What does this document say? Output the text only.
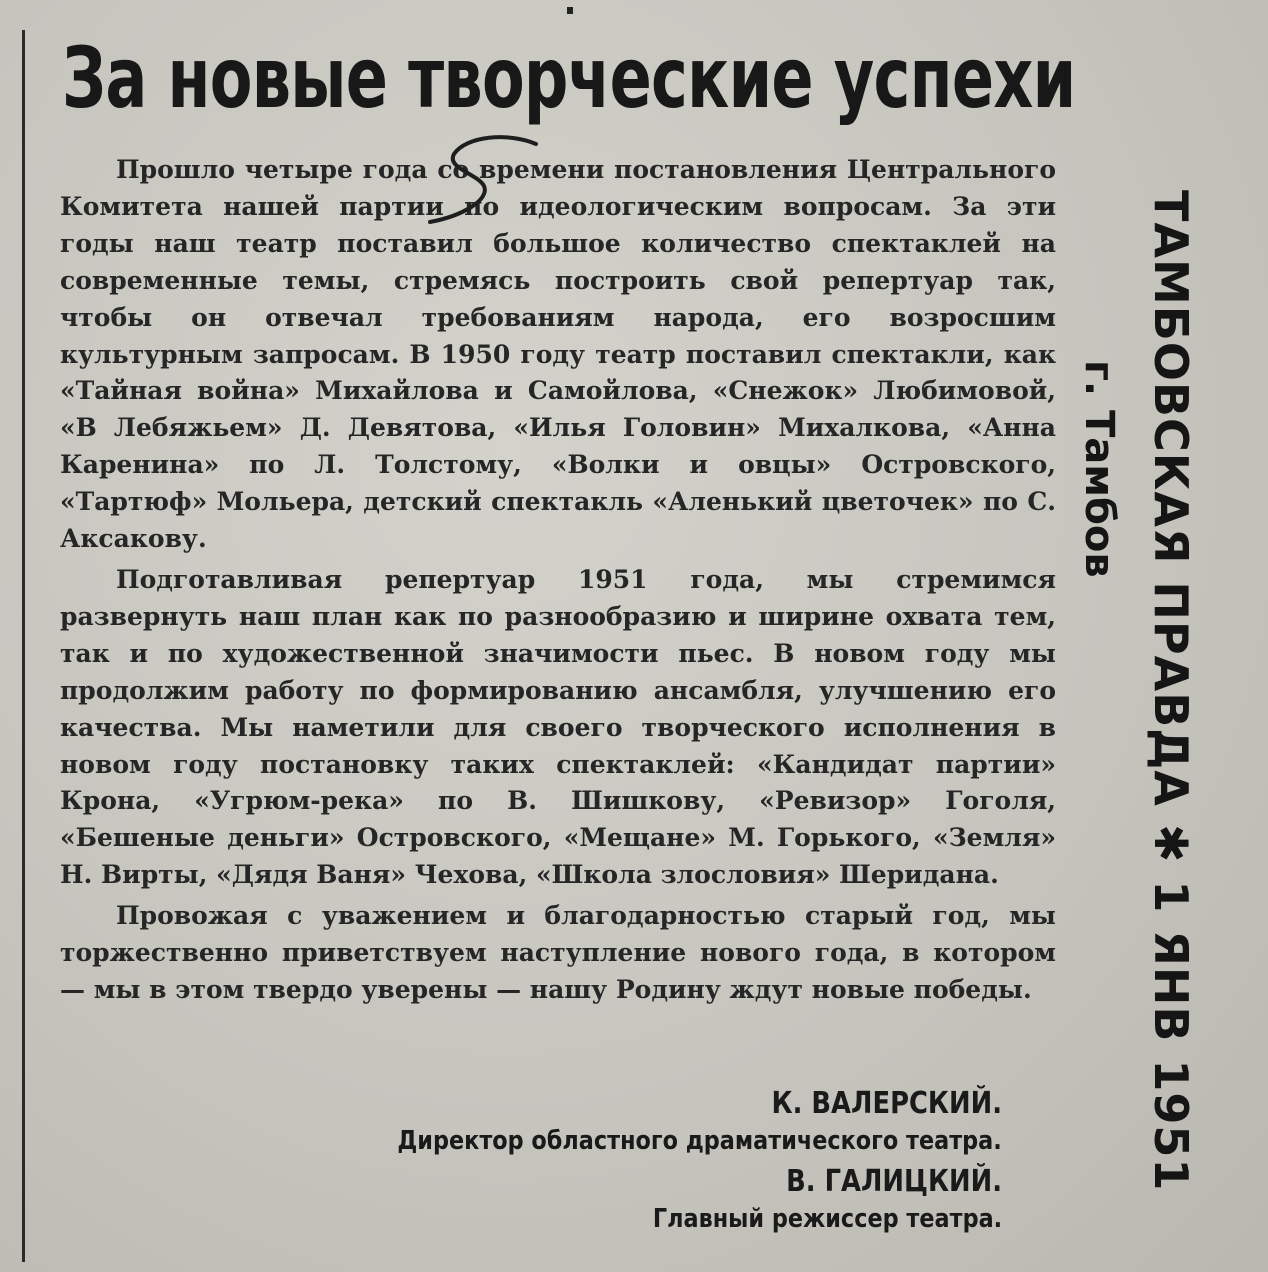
За новые творческие успехи

Прошло четыре года со времени постановления Центрального Комитета нашей партии по идеологическим вопросам. За эти годы наш театр поставил большое количество спектаклей на современные темы, стремясь построить свой репертуар так, чтобы он отвечал требованиям народа, его возросшим культурным запросам. В 1950 году театр поставил спектакли, как «Тайная война» Михайлова и Самойлова, «Снежок» Любимовой, «В Лебяжьем» Д. Девятова, «Илья Головин» Михалкова, «Анна Каренина» по Л. Толстому, «Волки и овцы» Островского, «Тартюф» Мольера, детский спектакль «Аленький цветочек» по С. Аксакову.

Подготавливая репертуар 1951 года, мы стремимся развернуть наш план как по разнообразию и ширине охвата тем, так и по художественной значимости пьес. В новом году мы продолжим работу по формированию ансамбля, улучшению его качества. Мы наметили для своего творческого исполнения в новом году постановку таких спектаклей: «Кандидат партии» Крона, «Угрюм-река» по В. Шишкову, «Ревизор» Гоголя, «Бешеные деньги» Островского, «Мещане» М. Горького, «Земля» Н. Вирты, «Дядя Ваня» Чехова, «Школа злословия» Шеридана.

Провожая с уважением и благодарностью старый год, мы торжественно приветствуем наступление нового года, в котором — мы в этом твердо уверены — нашу Родину ждут новые победы.

К. ВАЛЕРСКИЙ.
Директор областного драматического театра.
В. ГАЛИЦКИЙ.
Главный режиссер театра.
г. Тамбов ТАМБОВСКАЯ ПРАВДА ✱ 1 ЯНВ 1951
